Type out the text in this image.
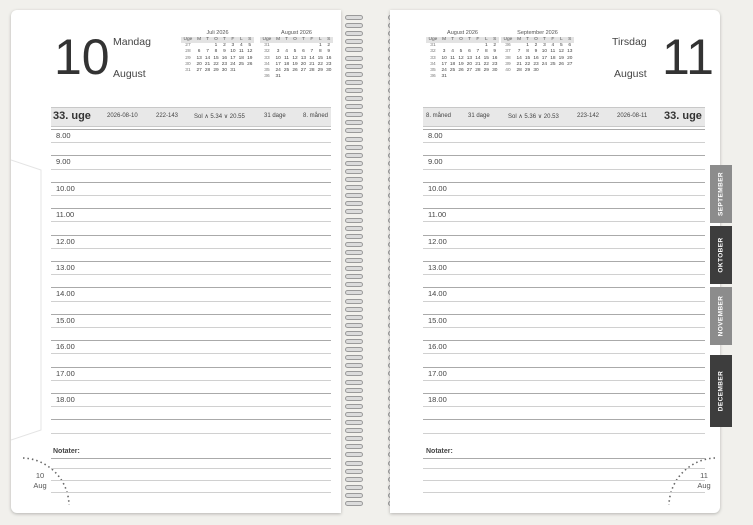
10 Mandag
August
Juli 2026
Uge	M	T	O	T	F	L	S
27			1	2	3	4	5
28	6	7	8	9	10	11	12
29	13	14	15	16	17	18	19
30	20	21	22	23	24	25	26
31	27	28	29	30	31		

August 2026
Uge	M	T	O	T	F	L	S
31						1	2
32	3	4	5	6	7	8	9
33	10	11	12	13	14	15	16
34	17	18	19	20	21	22	23
35	24	25	26	27	28	29	30
36	31						
33. uge	2026-08-10	222-143	Sol ∧ 5.34 ∨ 20.55	31 dage	8. måned
Notater:
10
Aug
8.00
9.00
10.00
11.00
12.00
13.00
14.00
15.00
16.00
17.00
18.00
August 2026
Uge	M	T	O	T	F	L	S
31						1	2
32	3	4	5	6	7	8	9
33	10	11	12	13	14	15	16
34	17	18	19	20	21	22	23
35	24	25	26	27	28	29	30
36	31						
September 2026
Uge	M	T	O	T	F	L	S
36		1	2	3	4	5	6
37	7	8	9	10	11	12	13
38	14	15	16	17	18	19	20
39	21	22	23	24	25	26	27
40	28	29	30				

Tirsdag
August 11
8. måned	31 dage	Sol ∧ 5.36 ∨ 20.53	223-142	2026-08-11 33. uge
Notater:
11
Aug
8.00
9.00
10.00
11.00
12.00
13.00
14.00
15.00
16.00
17.00
18.00
SEPTEMBER
OKTOBER
NOVEMBER
DECEMBER
